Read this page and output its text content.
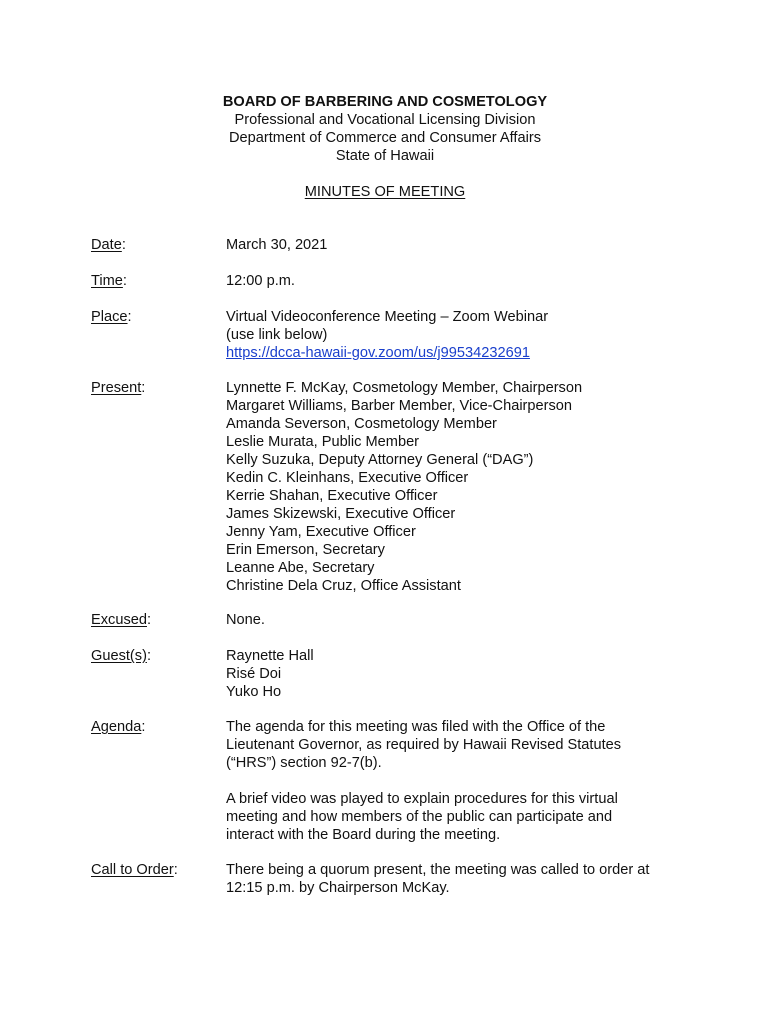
BOARD OF BARBERING AND COSMETOLOGY
Professional and Vocational Licensing Division
Department of Commerce and Consumer Affairs
State of Hawaii
MINUTES OF MEETING
Date:	March 30, 2021
Time:	12:00 p.m.
Place:	Virtual Videoconference Meeting – Zoom Webinar
(use link below)
https://dcca-hawaii-gov.zoom/us/j99534232691
Present:	Lynnette F. McKay, Cosmetology Member, Chairperson
Margaret Williams, Barber Member, Vice-Chairperson
Amanda Severson, Cosmetology Member
Leslie Murata, Public Member
Kelly Suzuka, Deputy Attorney General (“DAG”)
Kedin C. Kleinhans, Executive Officer
Kerrie Shahan, Executive Officer
James Skizewski, Executive Officer
Jenny Yam, Executive Officer
Erin Emerson, Secretary
Leanne Abe, Secretary
Christine Dela Cruz, Office Assistant
Excused:	None.
Guest(s):	Raynette Hall
Risé Doi
Yuko Ho
Agenda:	The agenda for this meeting was filed with the Office of the
Lieutenant Governor, as required by Hawaii Revised Statutes
(“HRS”) section 92-7(b).
A brief video was played to explain procedures for this virtual
meeting and how members of the public can participate and
interact with the Board during the meeting.
Call to Order:	There being a quorum present, the meeting was called to order at
12:15 p.m. by Chairperson McKay.
